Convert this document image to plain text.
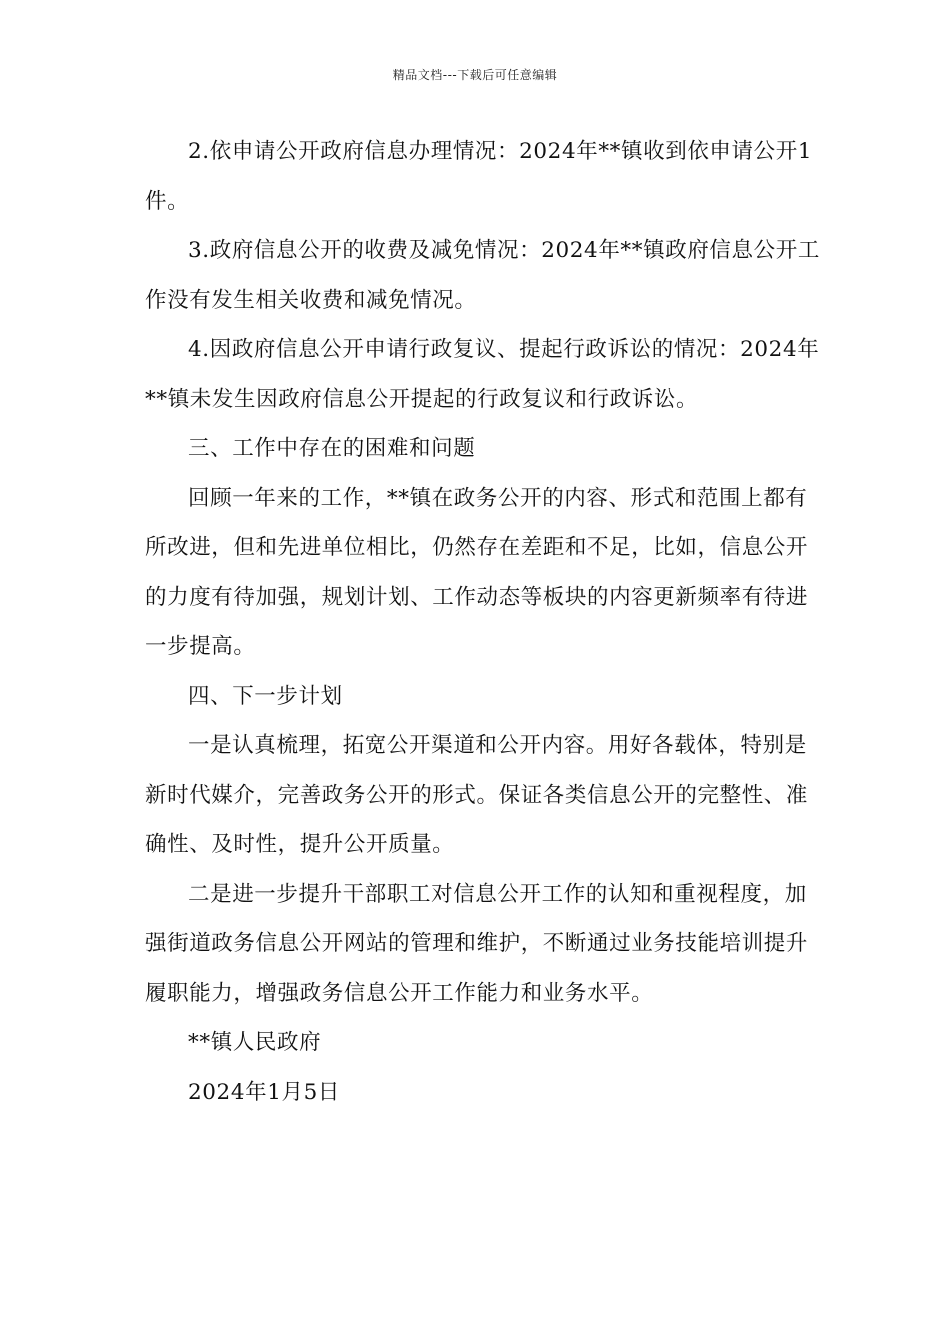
精品文档---下载后可任意编辑

2.依申请公开政府信息办理情况：2024年**镇收到依申请公开1件。

3.政府信息公开的收费及减免情况：2024年**镇政府信息公开工作没有发生相关收费和减免情况。

4.因政府信息公开申请行政复议、提起行政诉讼的情况：2024年**镇未发生因政府信息公开提起的行政复议和行政诉讼。

三、工作中存在的困难和问题

回顾一年来的工作，**镇在政务公开的内容、形式和范围上都有所改进，但和先进单位相比，仍然存在差距和不足，比如，信息公开的力度有待加强，规划计划、工作动态等板块的内容更新频率有待进一步提高。

四、下一步计划

一是认真梳理，拓宽公开渠道和公开内容。用好各载体，特别是新时代媒介，完善政务公开的形式。保证各类信息公开的完整性、准确性、及时性，提升公开质量。

二是进一步提升干部职工对信息公开工作的认知和重视程度，加强街道政务信息公开网站的管理和维护，不断通过业务技能培训提升履职能力，增强政务信息公开工作能力和业务水平。

**镇人民政府

2024年1月5日
